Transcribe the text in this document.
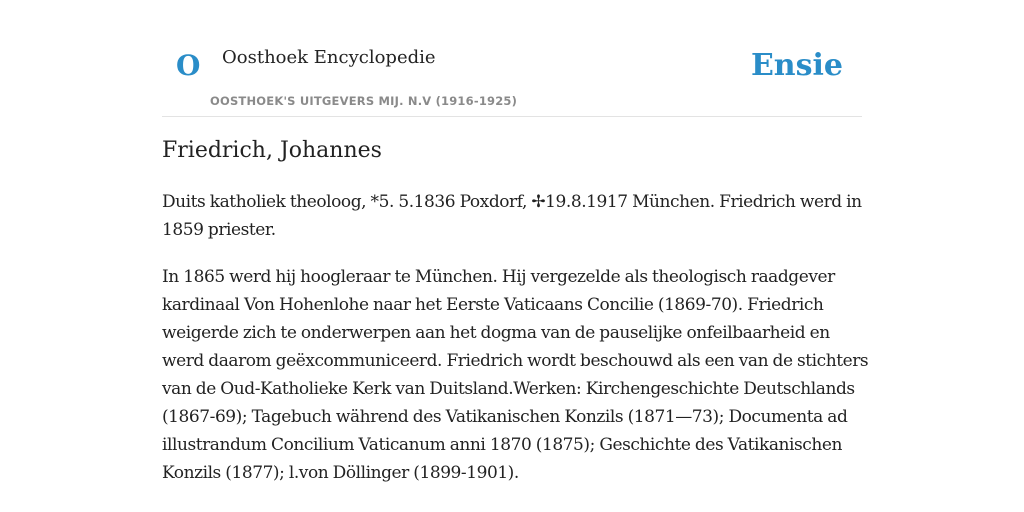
O Oosthoek Encyclopedie
OOSTHOEK'S UITGEVERS MIJ. N.V (1916-1925)
Ensie
Friedrich, Johannes

Duits katholiek theoloog, *5. 5.1836 Poxdorf, ✢19.8.1917 München. Friedrich werd in 1859 priester.

In 1865 werd hij hoogleraar te München. Hij vergezelde als theologisch raadgever kardinaal Von Hohenlohe naar het Eerste Vaticaans Concilie (1869-70). Friedrich weigerde zich te onderwerpen aan het dogma van de pauselijke onfeilbaarheid en werd daarom geëxcommuniceerd. Friedrich wordt beschouwd als een van de stichters van de Oud-Katholieke Kerk van Duitsland.Werken: Kirchengeschichte Deutschlands (1867-69); Tagebuch während des Vatikanischen Konzils (1871—73); Documenta ad illustrandum Concilium Vaticanum anni 1870 (1875); Geschichte des Vatikanischen Konzils (1877); l.von Döllinger (1899-1901).
